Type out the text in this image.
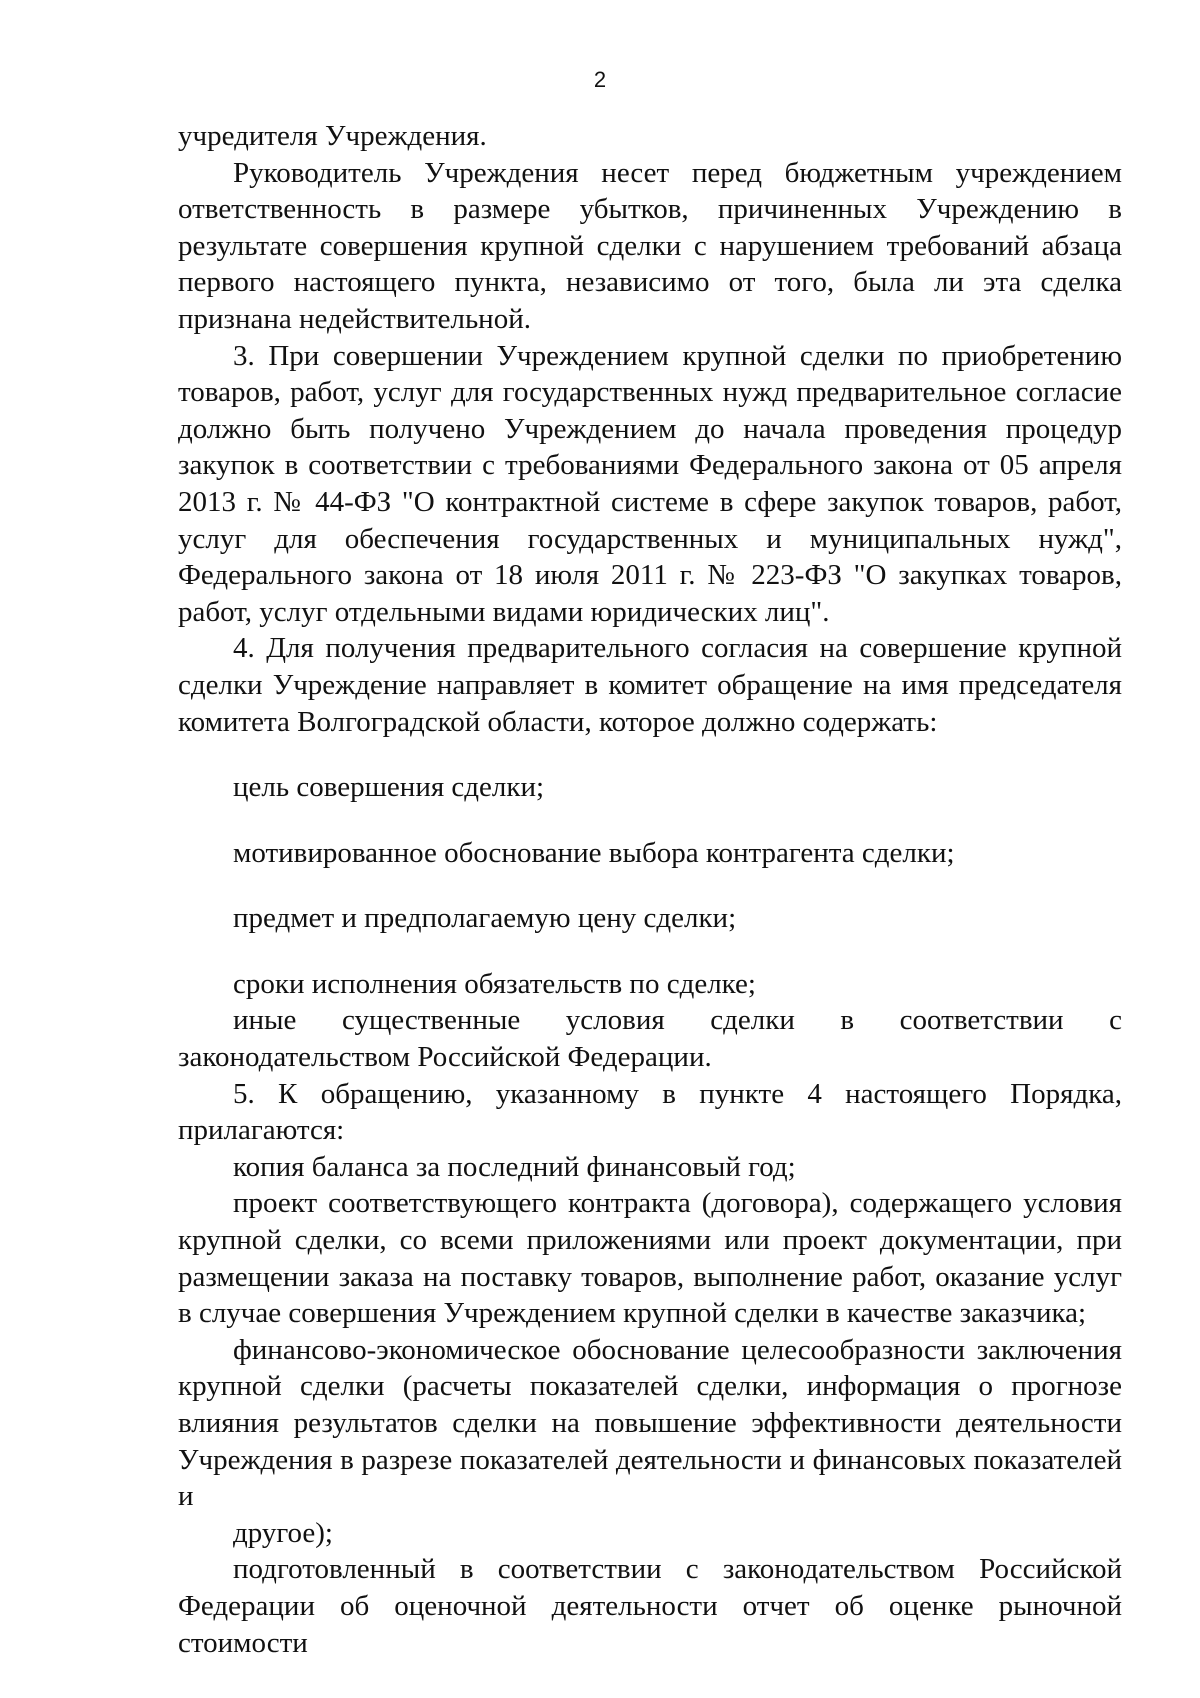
2

учредителя Учреждения.

Руководитель Учреждения несет перед бюджетным учреждением ответственность в размере убытков, причиненных Учреждению в результате совершения крупной сделки с нарушением требований абзаца первого настоящего пункта, независимо от того, была ли эта сделка признана недействительной.

3. При совершении Учреждением крупной сделки по приобретению товаров, работ, услуг для государственных нужд предварительное согласие должно быть получено Учреждением до начала проведения процедур закупок в соответствии с требованиями Федерального закона от 05 апреля 2013 г. № 44-ФЗ "О контрактной системе в сфере закупок товаров, работ, услуг для обеспечения государственных и муниципальных нужд", Федерального закона от 18 июля 2011 г. № 223-ФЗ "О закупках товаров, работ, услуг отдельными видами юридических лиц".

4. Для получения предварительного согласия на совершение крупной сделки Учреждение направляет в комитет обращение на имя председателя комитета Волгоградской области, которое должно содержать:

цель совершения сделки;

мотивированное обоснование выбора контрагента сделки;

предмет и предполагаемую цену сделки;

сроки исполнения обязательств по сделке;

иные существенные условия сделки в соответствии с законодательством Российской Федерации.

5. К обращению, указанному в пункте 4 настоящего Порядка, прилагаются:

копия баланса за последний финансовый год;

проект соответствующего контракта (договора), содержащего условия крупной сделки, со всеми приложениями или проект документации, при размещении заказа на поставку товаров, выполнение работ, оказание услуг в случае совершения Учреждением крупной сделки в качестве заказчика;

финансово-экономическое обоснование целесообразности заключения крупной сделки (расчеты показателей сделки, информация о прогнозе влияния результатов сделки на повышение эффективности деятельности Учреждения в разрезе показателей деятельности и финансовых показателей и

другое);

подготовленный в соответствии с законодательством Российской Федерации об оценочной деятельности отчет об оценке рыночной стоимости
